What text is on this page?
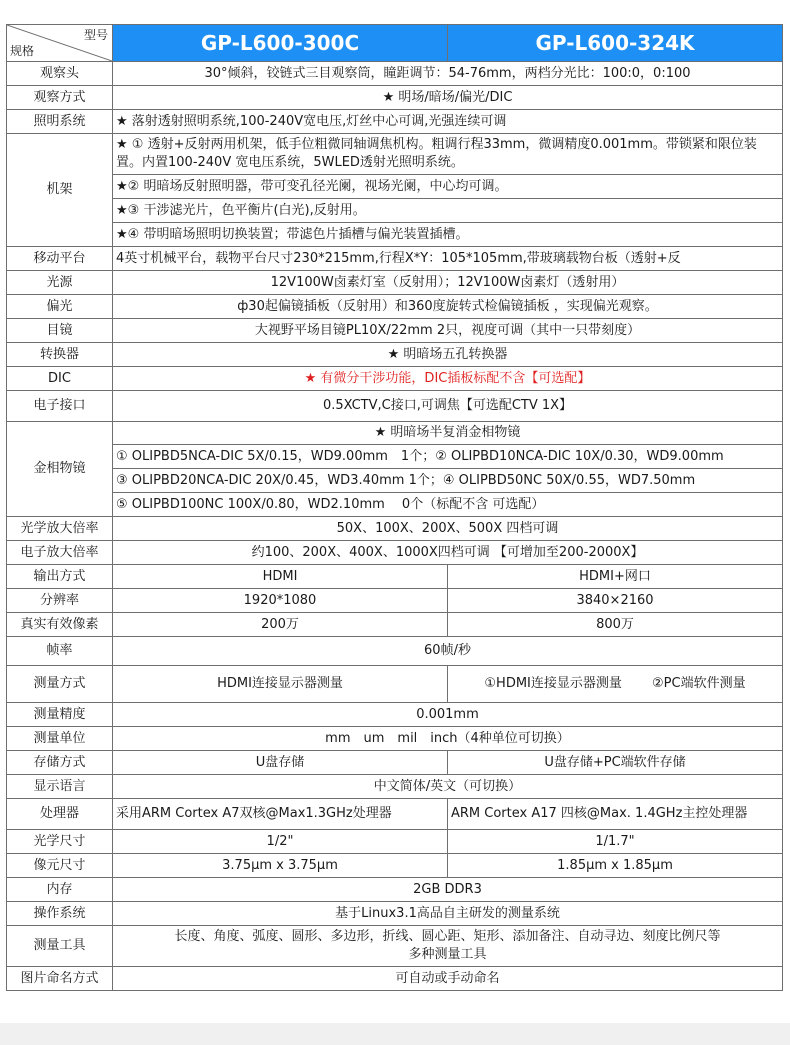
型号
规格	GP-L600-300C	GP-L600-324K
观察头	30°倾斜，铰链式三目观察筒，瞳距调节：54-76mm，两档分光比：100:0，0:100	
观察方式	★ 明场/暗场/偏光/DIC	
照明系统	★ 落射透射照明系统,100-240V宽电压,灯丝中心可调,光强连续可调	
机架	★ ① 透射+反射两用机架，低手位粗微同轴调焦机构。粗调行程33mm，微调精度0.001mm。带锁紧和限位装置。内置100-240V 宽电压系统，5WLED透射光照明系统。	
	★② 明暗场反射照明器，带可变孔径光阑，视场光阑，中心均可调。	
	★③ 干涉滤光片，色平衡片(白光),反射用。	
	★④ 带明暗场照明切换装置；带滤色片插槽与偏光装置插槽。	
移动平台	4英寸机械平台，载物平台尺寸230*215mm,行程X*Y：105*105mm,带玻璃载物台板（透射+反	
光源	12V100W卤素灯室（反射用）；12V100W卤素灯（透射用）	
偏光	ф30起偏镜插板（反射用）和360度旋转式检偏镜插板 ，实现偏光观察。	
目镜	大视野平场目镜PL10X/22mm 2只，视度可调（其中一只带刻度）	
转换器	★ 明暗场五孔转换器	
DIC	★ 有微分干涉功能，DIC插板标配不含【可选配】	
电子接口	0.5XCTV,C接口,可调焦【可选配CTV 1X】	
金相物镜	★ 明暗场半复消金相物镜	
	① OLIPBD5NCA-DIC 5X/0.15，WD9.00mm　1个；② OLIPBD10NCA-DIC 10X/0.30，WD9.00mm	
	③ OLIPBD20NCA-DIC 20X/0.45，WD3.40mm 1个；④ OLIPBD50NC 50X/0.55，WD7.50mm	
	⑤ OLIPBD100NC 100X/0.80，WD2.10mm　 0个（标配不含 可选配）	
光学放大倍率	50X、100X、200X、500X 四档可调	
电子放大倍率	约100、200X、400X、1000X四档可调 【可增加至200-2000X】	
输出方式	HDMI	HDMI+网口
分辨率	1920*1080	3840×2160
真实有效像素	200万	800万
帧率	60帧/秒	
测量方式	HDMI连接显示器测量	①HDMI连接显示器测量　　 ②PC端软件测量
测量精度	0.001mm	
测量单位	mm　um　mil　inch（4种单位可切换）	
存储方式	U盘存储	U盘存储+PC端软件存储
显示语言	中文简体/英文（可切换）	
处理器	采用ARM Cortex A7双核@Max1.3GHz处理器	ARM Cortex A17 四核@Max. 1.4GHz主控处理器
光学尺寸	1/2"	1/1.7"
像元尺寸	3.75μm x 3.75μm	1.85μm x 1.85μm
内存	2GB DDR3	
操作系统	基于Linux3.1高品自主研发的测量系统	
测量工具	长度、角度、弧度、圆形、多边形，折线、圆心距、矩形、添加备注、自动寻边、刻度比例尺等多种测量工具	
图片命名方式	可自动或手动命名	
